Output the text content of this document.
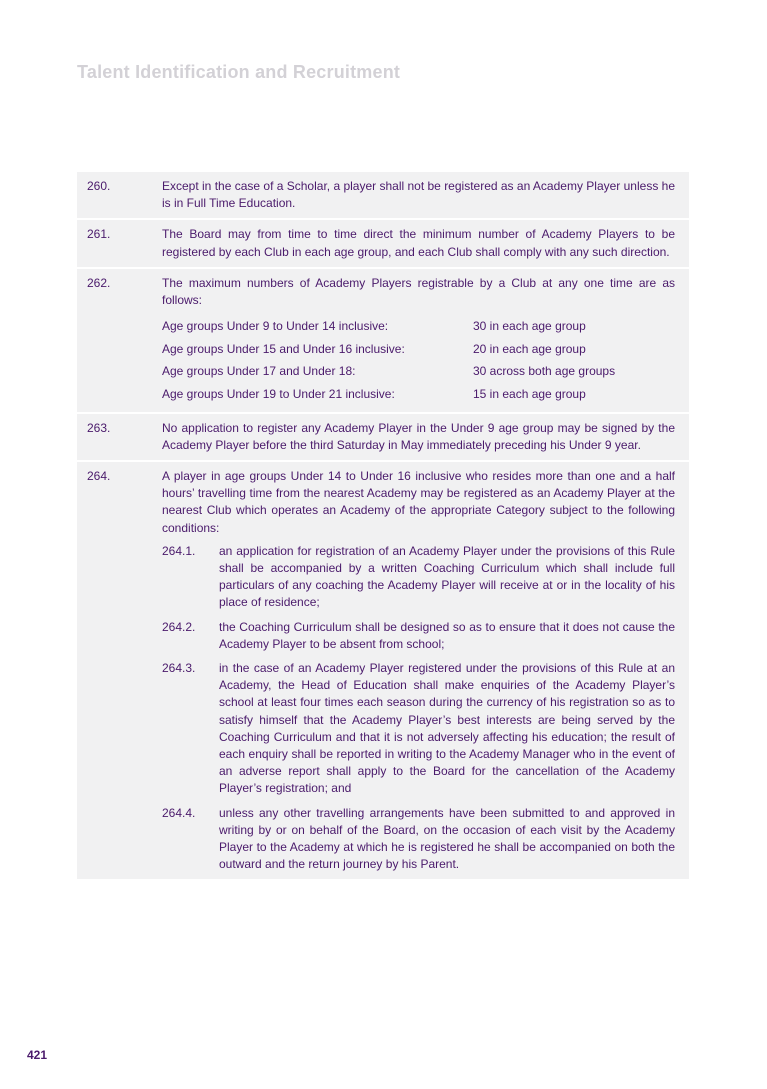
Talent Identification and Recruitment
260.	Except in the case of a Scholar, a player shall not be registered as an Academy Player unless he is in Full Time Education.

261.	The Board may from time to time direct the minimum number of Academy Players to be registered by each Club in each age group, and each Club shall comply with any such direction.

262.	The maximum numbers of Academy Players registrable by a Club at any one time are as follows:

Age groups Under 9 to Under 14 inclusive:	30 in each age group
Age groups Under 15 and Under 16 inclusive:	20 in each age group
Age groups Under 17 and Under 18:	30 across both age groups
Age groups Under 19 to Under 21 inclusive:	15 in each age group
263.	No application to register any Academy Player in the Under 9 age group may be signed by the Academy Player before the third Saturday in May immediately preceding his Under 9 year.

264.	A player in age groups Under 14 to Under 16 inclusive who resides more than one and a half hours’ travelling time from the nearest Academy may be registered as an Academy Player at the nearest Club which operates an Academy of the appropriate Category subject to the following conditions:

264.1.	an application for registration of an Academy Player under the provisions of this Rule shall be accompanied by a written Coaching Curriculum which shall include full particulars of any coaching the Academy Player will receive at or in the locality of his place of residence;
264.2.	the Coaching Curriculum shall be designed so as to ensure that it does not cause the Academy Player to be absent from school;
264.3.	in the case of an Academy Player registered under the provisions of this Rule at an Academy, the Head of Education shall make enquiries of the Academy Player’s school at least four times each season during the currency of his registration so as to satisfy himself that the Academy Player’s best interests are being served by the Coaching Curriculum and that it is not adversely affecting his education; the result of each enquiry shall be reported in writing to the Academy Manager who in the event of an adverse report shall apply to the Board for the cancellation of the Academy Player’s registration; and
264.4.	unless any other travelling arrangements have been submitted to and approved in writing by or on behalf of the Board, on the occasion of each visit by the Academy Player to the Academy at which he is registered he shall be accompanied on both the outward and the return journey by his Parent.
421
